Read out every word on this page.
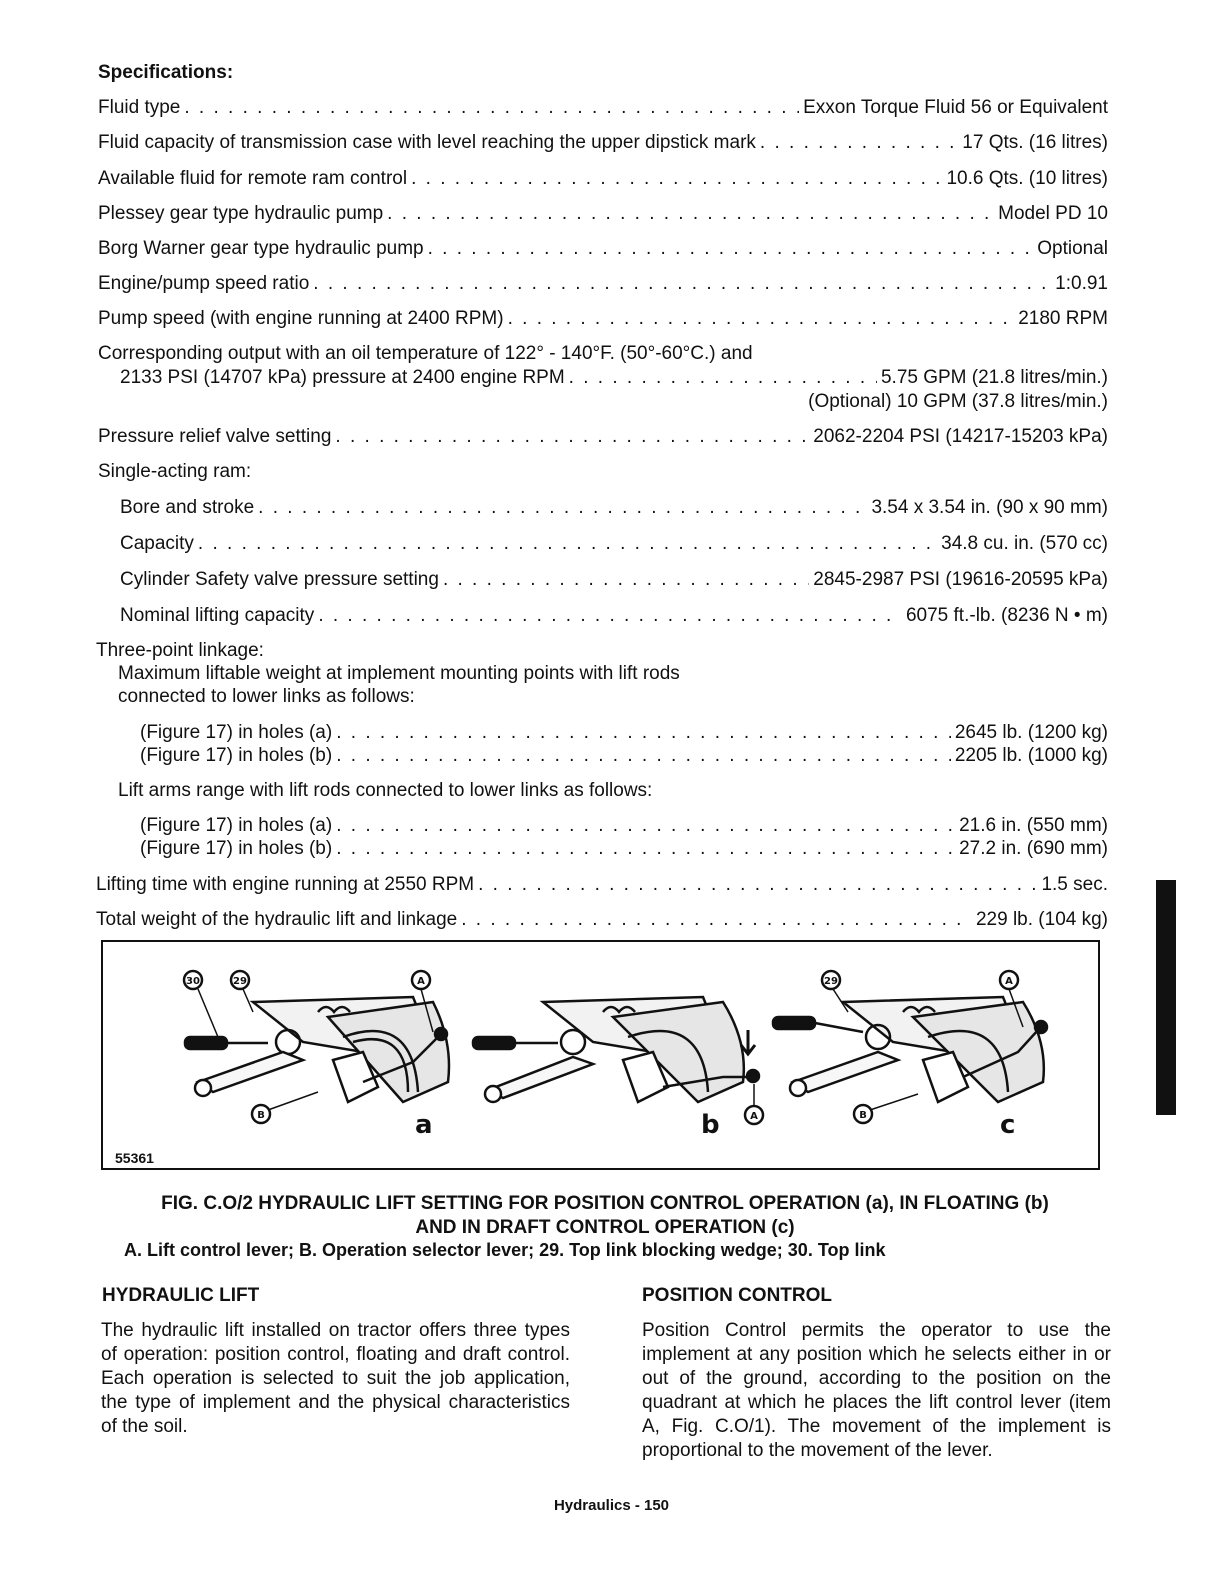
Specifications:
Fluid type . . .	Exxon Torque Fluid 56 or Equivalent
Fluid capacity of transmission case with level reaching the upper dipstick mark . . .	17 Qts. (16 litres)
Available fluid for remote ram control . . .	10.6 Qts. (10 litres)
Plessey gear type hydraulic pump . . .	Model PD 10
Borg Warner gear type hydraulic pump . . .	Optional
Engine/pump speed ratio . . .	1:0.91
Pump speed (with engine running at 2400 RPM) . . .	2180 RPM
Corresponding output with an oil temperature of 122° - 140°F. (50°-60°C.) and
2133 PSI (14707 kPa) pressure at 2400 engine RPM . . .	5.75 GPM (21.8 litres/min.)
(Optional) 10 GPM (37.8 litres/min.)
Pressure relief valve setting . . .	2062-2204 PSI (14217-15203 kPa)
Single-acting ram:
Bore and stroke . . .	3.54 x 3.54 in. (90 x 90 mm)
Capacity . . .	34.8 cu. in. (570 cc)
Cylinder Safety valve pressure setting . . .	2845-2987 PSI (19616-20595 kPa)
Nominal lifting capacity . . .	6075 ft.-lb. (8236 N • m)
Three-point linkage:
Maximum liftable weight at implement mounting points with lift rods
connected to lower links as follows:
(Figure 17) in holes (a) . . .	2645 lb. (1200 kg)
(Figure 17) in holes (b) . . .	2205 lb. (1000 kg)
Lift arms range with lift rods connected to lower links as follows:
(Figure 17) in holes (a) . . .	21.6 in. (550 mm)
(Figure 17) in holes (b) . . .	27.2 in. (690 mm)
Lifting time with engine running at 2550 RPM . . .	1.5 sec.
Total weight of the hydraulic lift and linkage . . .	229 lb. (104 kg)
30	29	A
A
B
29	A
B
a	b	c
55361
FIG. C.O/2 HYDRAULIC LIFT SETTING FOR POSITION CONTROL OPERATION (a), IN FLOATING (b)
AND IN DRAFT CONTROL OPERATION (c)
A. Lift control lever; B. Operation selector lever; 29. Top link blocking wedge; 30. Top link
HYDRAULIC LIFT
The hydraulic lift installed on tractor offers three types of operation: position control, floating and draft control. Each operation is selected to suit the job application, the type of implement and the physical characteristics of the soil.
POSITION CONTROL
Position Control permits the operator to use the implement at any position which he selects either in or out of the ground, according to the position on the quadrant at which he places the lift control lever (item A, Fig. C.O/1). The movement of the implement is proportional to the movement of the lever.
Hydraulics - 150
